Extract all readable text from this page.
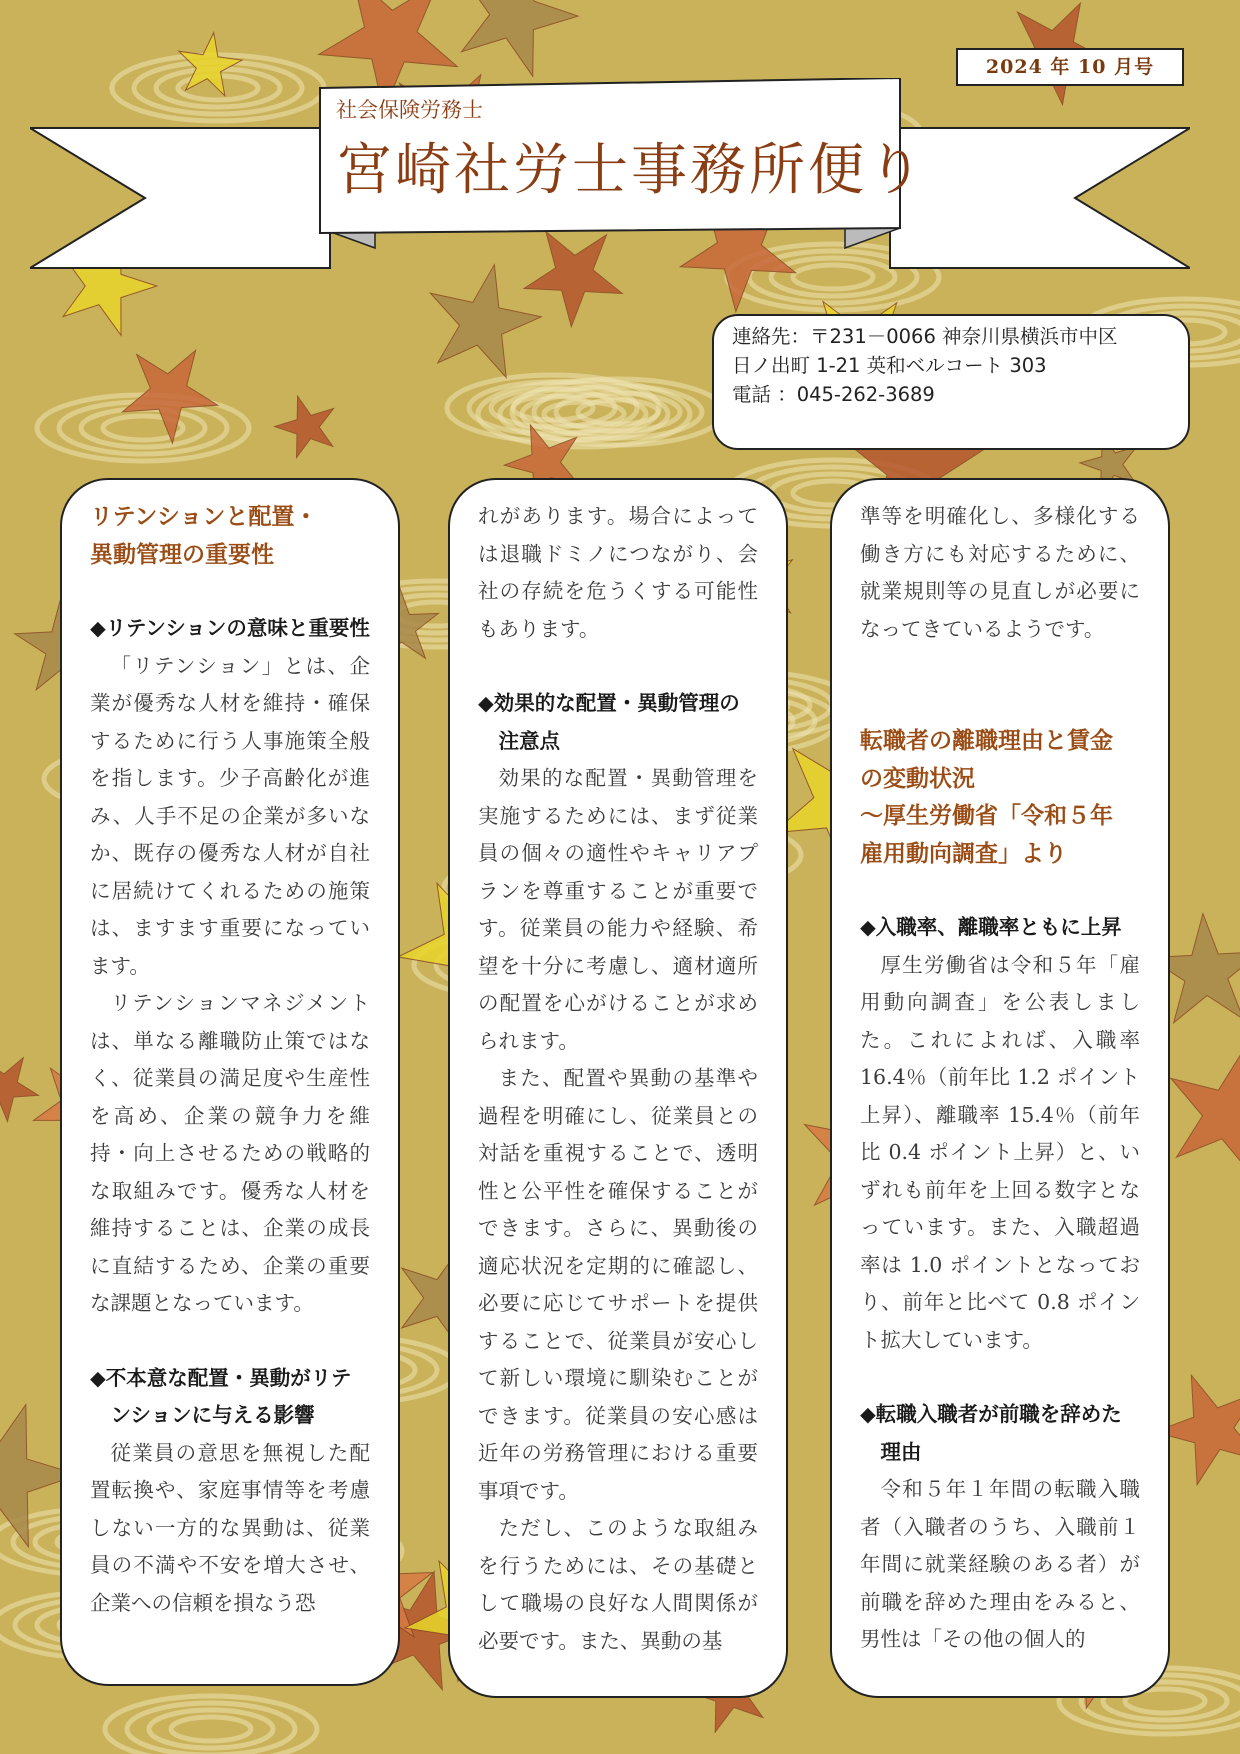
2024 年 10 月号
社会保険労務士
宮崎社労士事務所便り
連絡先：〒231－0066 神奈川県横浜市中区
日ノ出町 1-21 英和ベルコート 303
電話 ：045-262-3689
リテンションと配置・
異動管理の重要性
◆リテンションの意味と重要性

「リテンション」とは、企業が優秀な人材を維持・確保するために行う人事施策全般を指します。少子高齢化が進み、人手不足の企業が多いなか、既存の優秀な人材が自社に居続けてくれるための施策は、ますます重要になっています。

リテンションマネジメントは、単なる離職防止策ではなく、従業員の満足度や生産性を高め、企業の競争力を維持・向上させるための戦略的な取組みです。優秀な人材を維持することは、企業の成長に直結するため、企業の重要な課題となっています。

◆不本意な配置・異動がリテンションに与える影響

従業員の意思を無視した配置転換や、家庭事情等を考慮しない一方的な異動は、従業員の不満や不安を増大させ、企業への信頼を損なう恐

れがあります。場合によっては退職ドミノにつながり、会社の存続を危うくする可能性もあります。

◆効果的な配置・異動管理の注意点

効果的な配置・異動管理を実施するためには、まず従業員の個々の適性やキャリアプランを尊重することが重要です。従業員の能力や経験、希望を十分に考慮し、適材適所の配置を心がけることが求められます。

また、配置や異動の基準や過程を明確にし、従業員との対話を重視することで、透明性と公平性を確保することができます。さらに、異動後の適応状況を定期的に確認し、必要に応じてサポートを提供することで、従業員が安心して新しい環境に馴染むことができます。従業員の安心感は近年の労務管理における重要事項です。

ただし、このような取組みを行うためには、その基礎として職場の良好な人間関係が必要です。また、異動の基

準等を明確化し、多様化する働き方にも対応するために、就業規則等の見直しが必要になってきているようです。

転職者の離職理由と賃金
の変動状況
～厚生労働省「令和５年
雇用動向調査」より
◆入職率、離職率ともに上昇

厚生労働省は令和５年「雇用動向調査」を公表しました。これによれば、入職率 16.4％（前年比 1.2 ポイント上昇）、離職率 15.4％（前年比 0.4 ポイント上昇）と、いずれも前年を上回る数字となっています。また、入職超過率は 1.0 ポイントとなっており、前年と比べて 0.8 ポイント拡大しています。

◆転職入職者が前職を辞めた理由

令和５年１年間の転職入職者（入職者のうち、入職前１年間に就業経験のある者）が前職を辞めた理由をみると、男性は「その他の個人的
